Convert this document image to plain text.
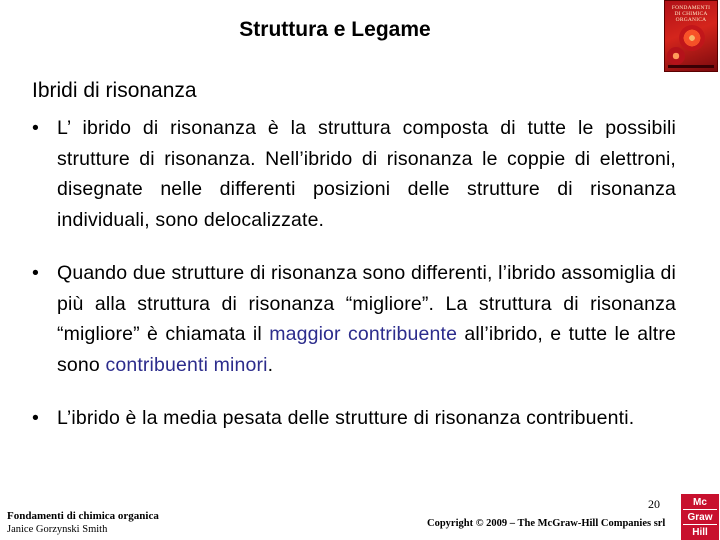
Struttura e Legame
FONDAMENTI DI CHIMICA ORGANICA
Ibridi di risonanza
• L’ ibrido di risonanza è la struttura composta di tutte le possibili strutture di risonanza. Nell’ibrido di risonanza le coppie di elettroni, disegnate nelle differenti posizioni delle strutture di risonanza individuali, sono delocalizzate.
• Quando due strutture di risonanza sono differenti, l’ibrido assomiglia di più alla struttura di risonanza “migliore”. La struttura di risonanza “migliore” è chiamata il maggior contribuente all’ibrido, e tutte le altre sono contribuenti minori.
• L’ibrido è la media pesata delle strutture di risonanza contribuenti.
Fondamenti di chimica organica
Janice Gorzynski Smith
20
Copyright © 2009 – The McGraw-Hill Companies srl
Mc
Graw
Hill
